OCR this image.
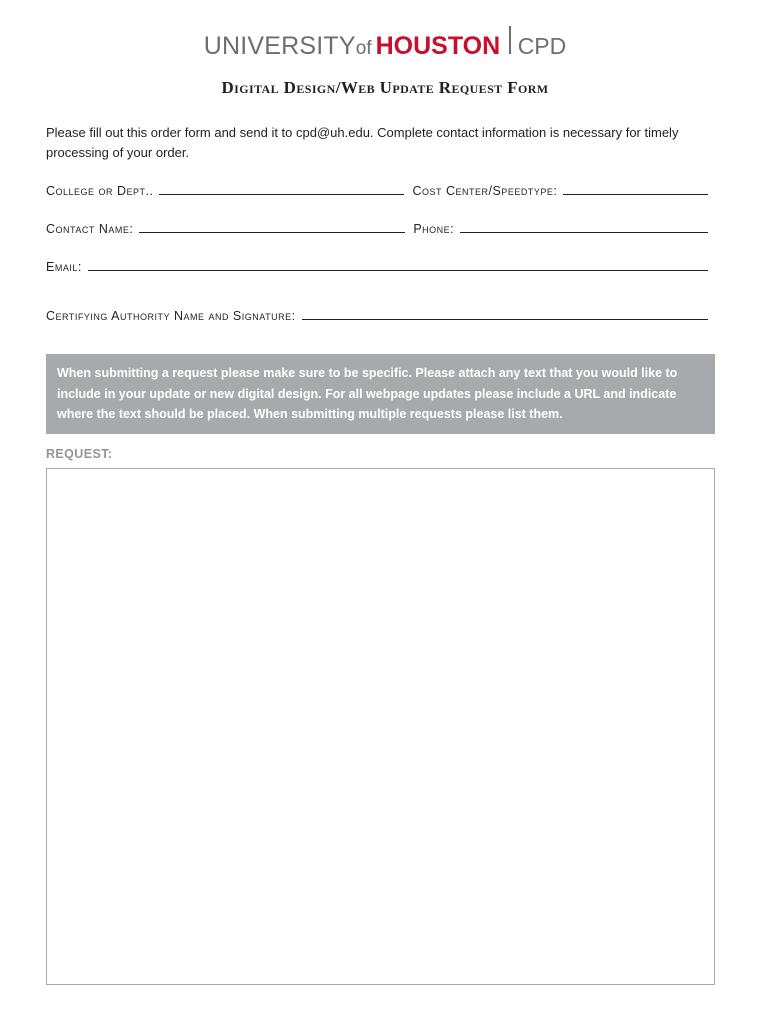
UNIVERSITYof HOUSTON CPD
Digital Design/Web Update Request Form
Please fill out this order form and send it to cpd@uh.edu. Complete contact information is necessary for timely processing of your order.
College or Dept..	Cost Center/Speedtype:
Contact Name:	Phone:
Email:
Certifying Authority Name and Signature:
When submitting a request please make sure to be specific. Please attach any text that you would like to include in your update or new digital design. For all webpage updates please include a URL and indicate where the text should be placed. When submitting multiple requests please list them.
REQUEST:
